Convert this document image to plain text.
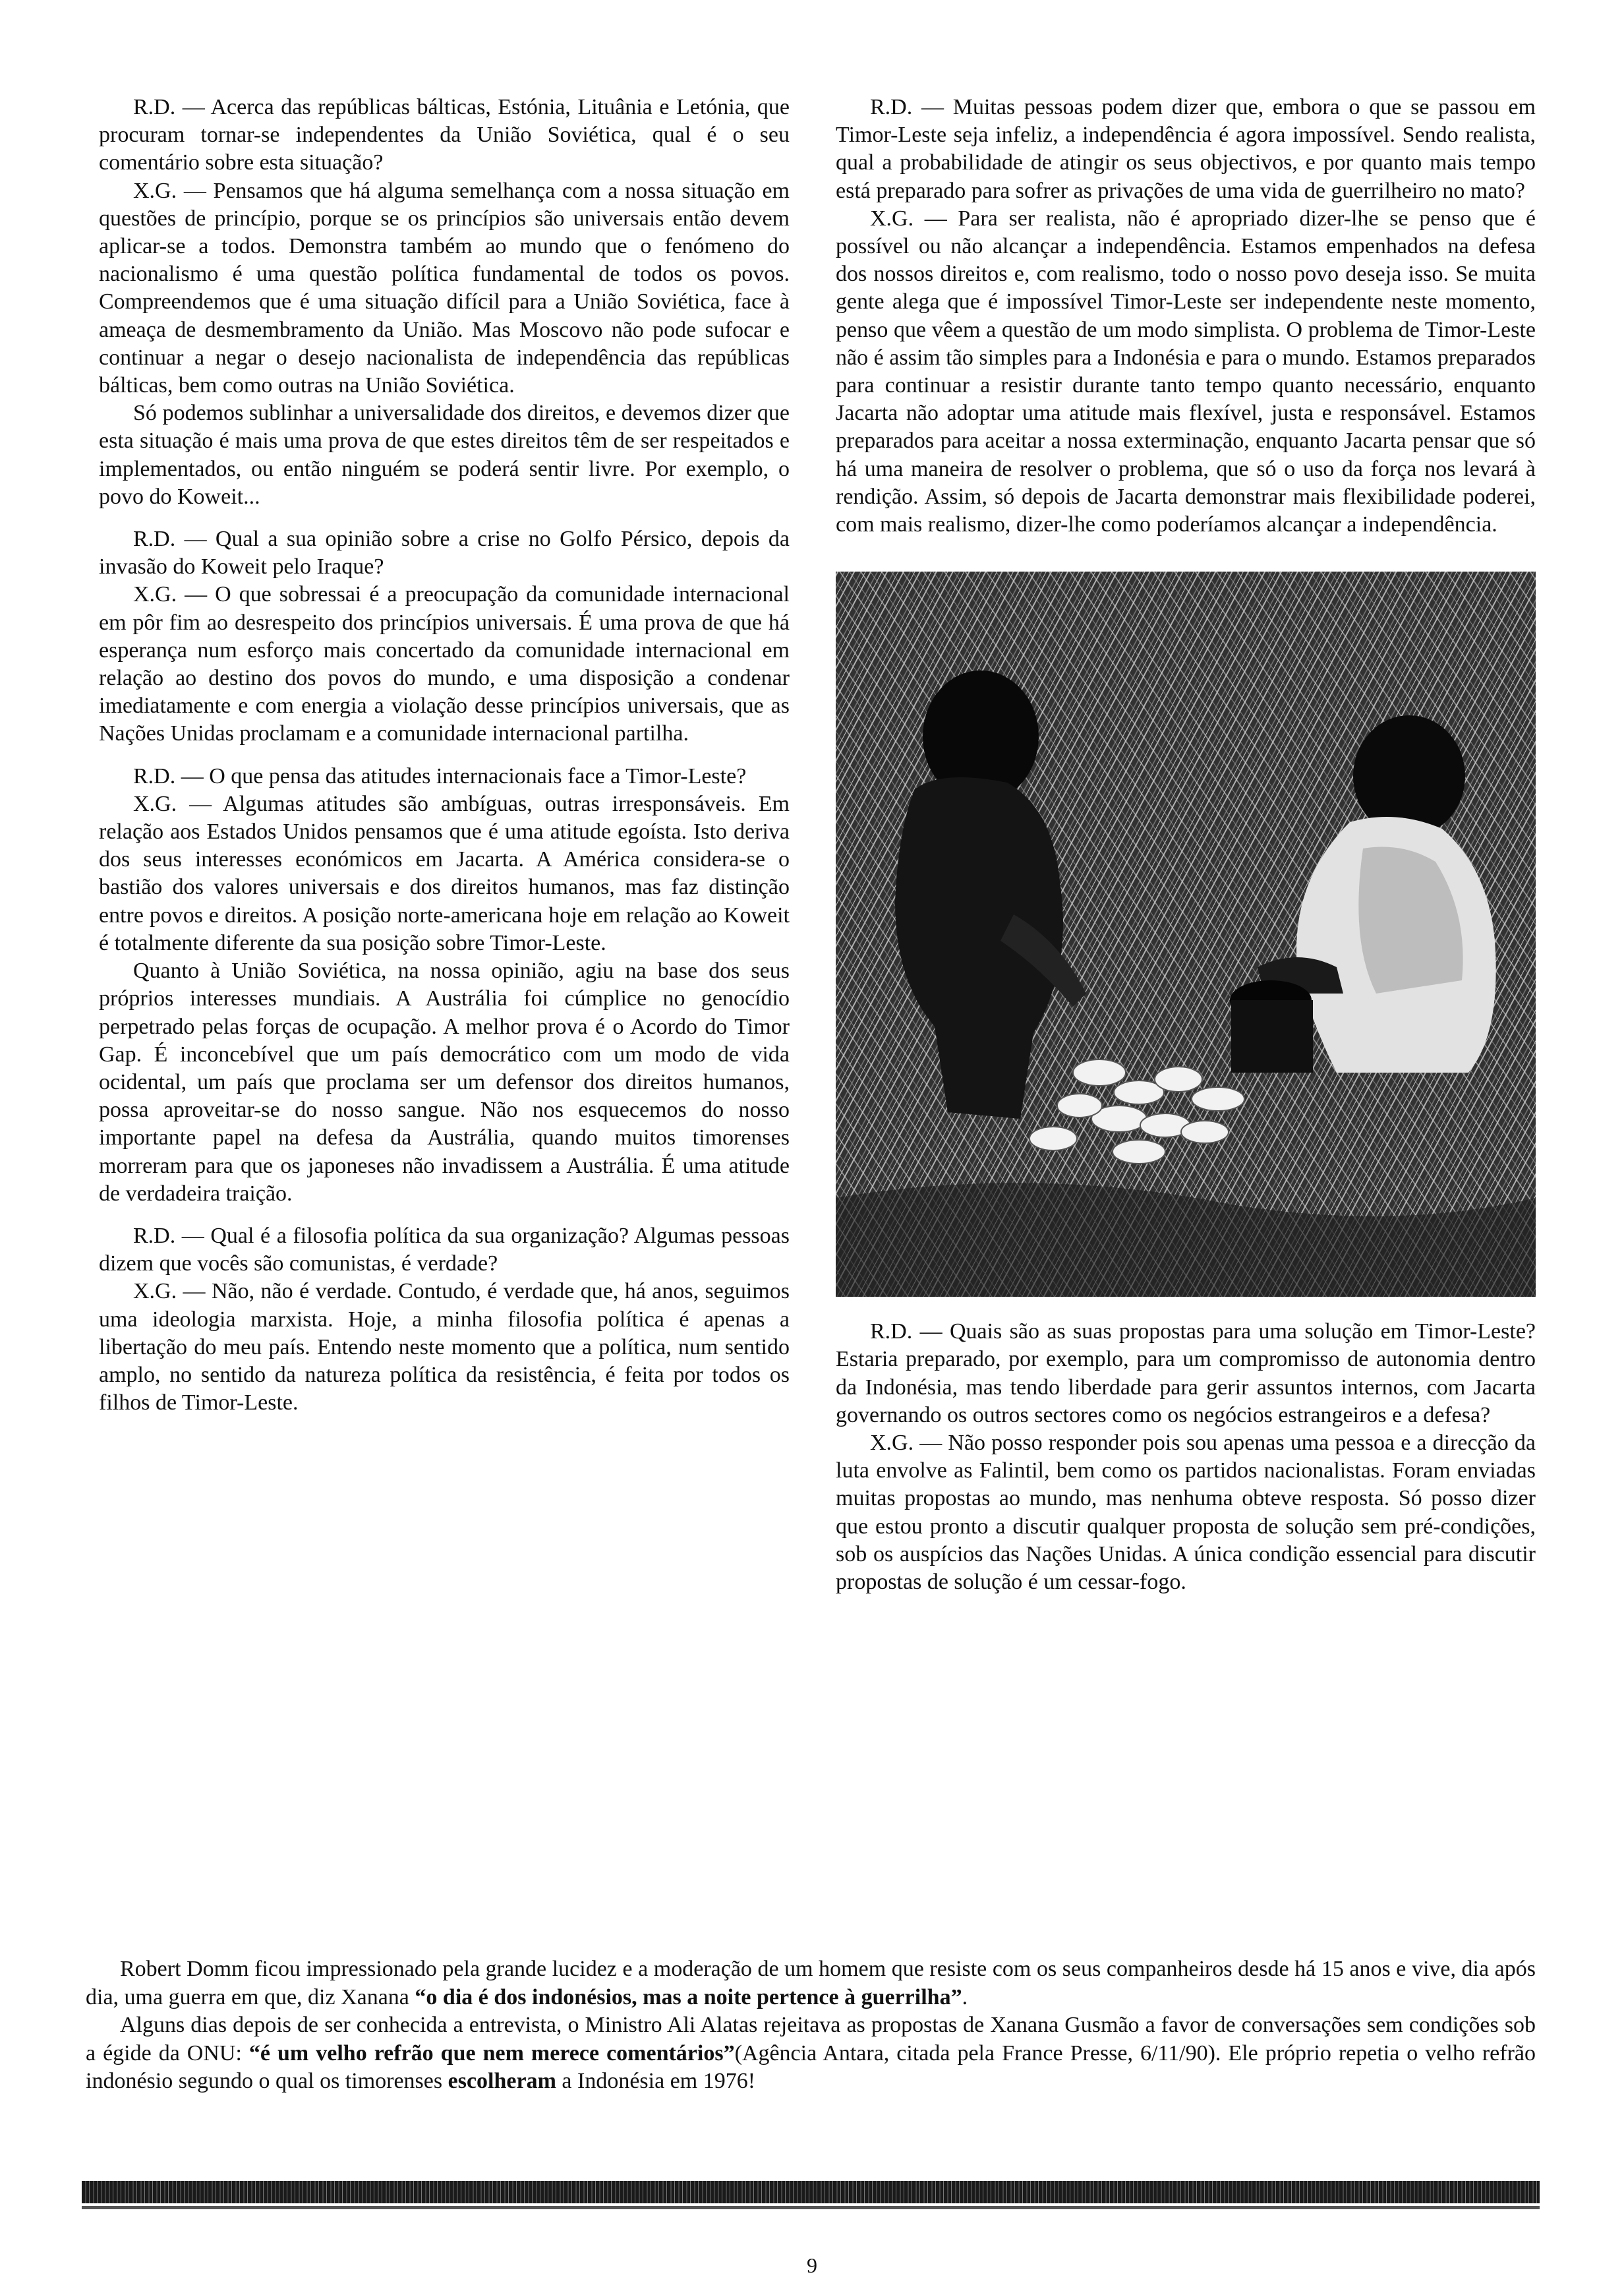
R.D. — Acerca das repúblicas bálticas, Estónia, Lituânia e Letónia, que procuram tornar-se independentes da União Soviética, qual é o seu comentário sobre esta situação?

X.G. — Pensamos que há alguma semelhança com a nossa situação em questões de princípio, porque se os princípios são universais então devem aplicar-se a todos. Demonstra também ao mundo que o fenómeno do nacionalismo é uma questão política fundamental de todos os povos. Compreendemos que é uma situação difícil para a União Soviética, face à ameaça de desmembramento da União. Mas Moscovo não pode sufocar e continuar a negar o desejo nacionalista de independência das repúblicas bálticas, bem como outras na União Soviética.

Só podemos sublinhar a universalidade dos direitos, e devemos dizer que esta situação é mais uma prova de que estes direitos têm de ser respeitados e implementados, ou então ninguém se poderá sentir livre. Por exemplo, o povo do Koweit...

R.D. — Qual a sua opinião sobre a crise no Golfo Pérsico, depois da invasão do Koweit pelo Iraque?

X.G. — O que sobressai é a preocupação da comunidade internacional em pôr fim ao desrespeito dos princípios universais. É uma prova de que há esperança num esforço mais concertado da comunidade internacional em relação ao destino dos povos do mundo, e uma disposição a condenar imediatamente e com energia a violação desse princípios universais, que as Nações Unidas proclamam e a comunidade internacional partilha.

R.D. — O que pensa das atitudes internacionais face a Timor-Leste?

X.G. — Algumas atitudes são ambíguas, outras irresponsáveis. Em relação aos Estados Unidos pensamos que é uma atitude egoísta. Isto deriva dos seus interesses económicos em Jacarta. A América considera-se o bastião dos valores universais e dos direitos humanos, mas faz distinção entre povos e direitos. A posição norte-americana hoje em relação ao Koweit é totalmente diferente da sua posição sobre Timor-Leste.

Quanto à União Soviética, na nossa opinião, agiu na base dos seus próprios interesses mundiais. A Austrália foi cúmplice no genocídio perpetrado pelas forças de ocupação. A melhor prova é o Acordo do Timor Gap. É inconcebível que um país democrático com um modo de vida ocidental, um país que proclama ser um defensor dos direitos humanos, possa aproveitar-se do nosso sangue. Não nos esquecemos do nosso importante papel na defesa da Austrália, quando muitos timorenses morreram para que os japoneses não invadissem a Austrália. É uma atitude de verdadeira traição.

R.D. — Qual é a filosofia política da sua organização? Algumas pessoas dizem que vocês são comunistas, é verdade?

X.G. — Não, não é verdade. Contudo, é verdade que, há anos, seguimos uma ideologia marxista. Hoje, a minha filosofia política é apenas a libertação do meu país. Entendo neste momento que a política, num sentido amplo, no sentido da natureza política da resistência, é feita por todos os filhos de Timor-Leste.

R.D. — Muitas pessoas podem dizer que, embora o que se passou em Timor-Leste seja infeliz, a independência é agora impossível. Sendo realista, qual a probabilidade de atingir os seus objectivos, e por quanto mais tempo está preparado para sofrer as privações de uma vida de guerrilheiro no mato?

X.G. — Para ser realista, não é apropriado dizer-lhe se penso que é possível ou não alcançar a independência. Estamos empenhados na defesa dos nossos direitos e, com realismo, todo o nosso povo deseja isso. Se muita gente alega que é impossível Timor-Leste ser independente neste momento, penso que vêem a questão de um modo simplista. O problema de Timor-Leste não é assim tão simples para a Indonésia e para o mundo. Estamos preparados para continuar a resistir durante tanto tempo quanto necessário, enquanto Jacarta não adoptar uma atitude mais flexível, justa e responsável. Estamos preparados para aceitar a nossa exterminação, enquanto Jacarta pensar que só há uma maneira de resolver o problema, que só o uso da força nos levará à rendição. Assim, só depois de Jacarta demonstrar mais flexibilidade poderei, com mais realismo, dizer-lhe como poderíamos alcançar a independência.

R.D. — Quais são as suas propostas para uma solução em Timor-Leste? Estaria preparado, por exemplo, para um compromisso de autonomia dentro da Indonésia, mas tendo liberdade para gerir assuntos internos, com Jacarta governando os outros sectores como os negócios estrangeiros e a defesa?

X.G. — Não posso responder pois sou apenas uma pessoa e a direcção da luta envolve as Falintil, bem como os partidos nacionalistas. Foram enviadas muitas propostas ao mundo, mas nenhuma obteve resposta. Só posso dizer que estou pronto a discutir qualquer proposta de solução sem pré-condições, sob os auspícios das Nações Unidas. A única condição essencial para discutir propostas de solução é um cessar-fogo.

Robert Domm ficou impressionado pela grande lucidez e a moderação de um homem que resiste com os seus companheiros desde há 15 anos e vive, dia após dia, uma guerra em que, diz Xanana “o dia é dos indonésios, mas a noite pertence à guerrilha”.

Alguns dias depois de ser conhecida a entrevista, o Ministro Ali Alatas rejeitava as propostas de Xanana Gusmão a favor de conversações sem condições sob a égide da ONU: “é um velho refrão que nem merece comentários”(Agência Antara, citada pela France Presse, 6/11/90). Ele próprio repetia o velho refrão indonésio segundo o qual os timorenses escolheram a Indonésia em 1976!

9
